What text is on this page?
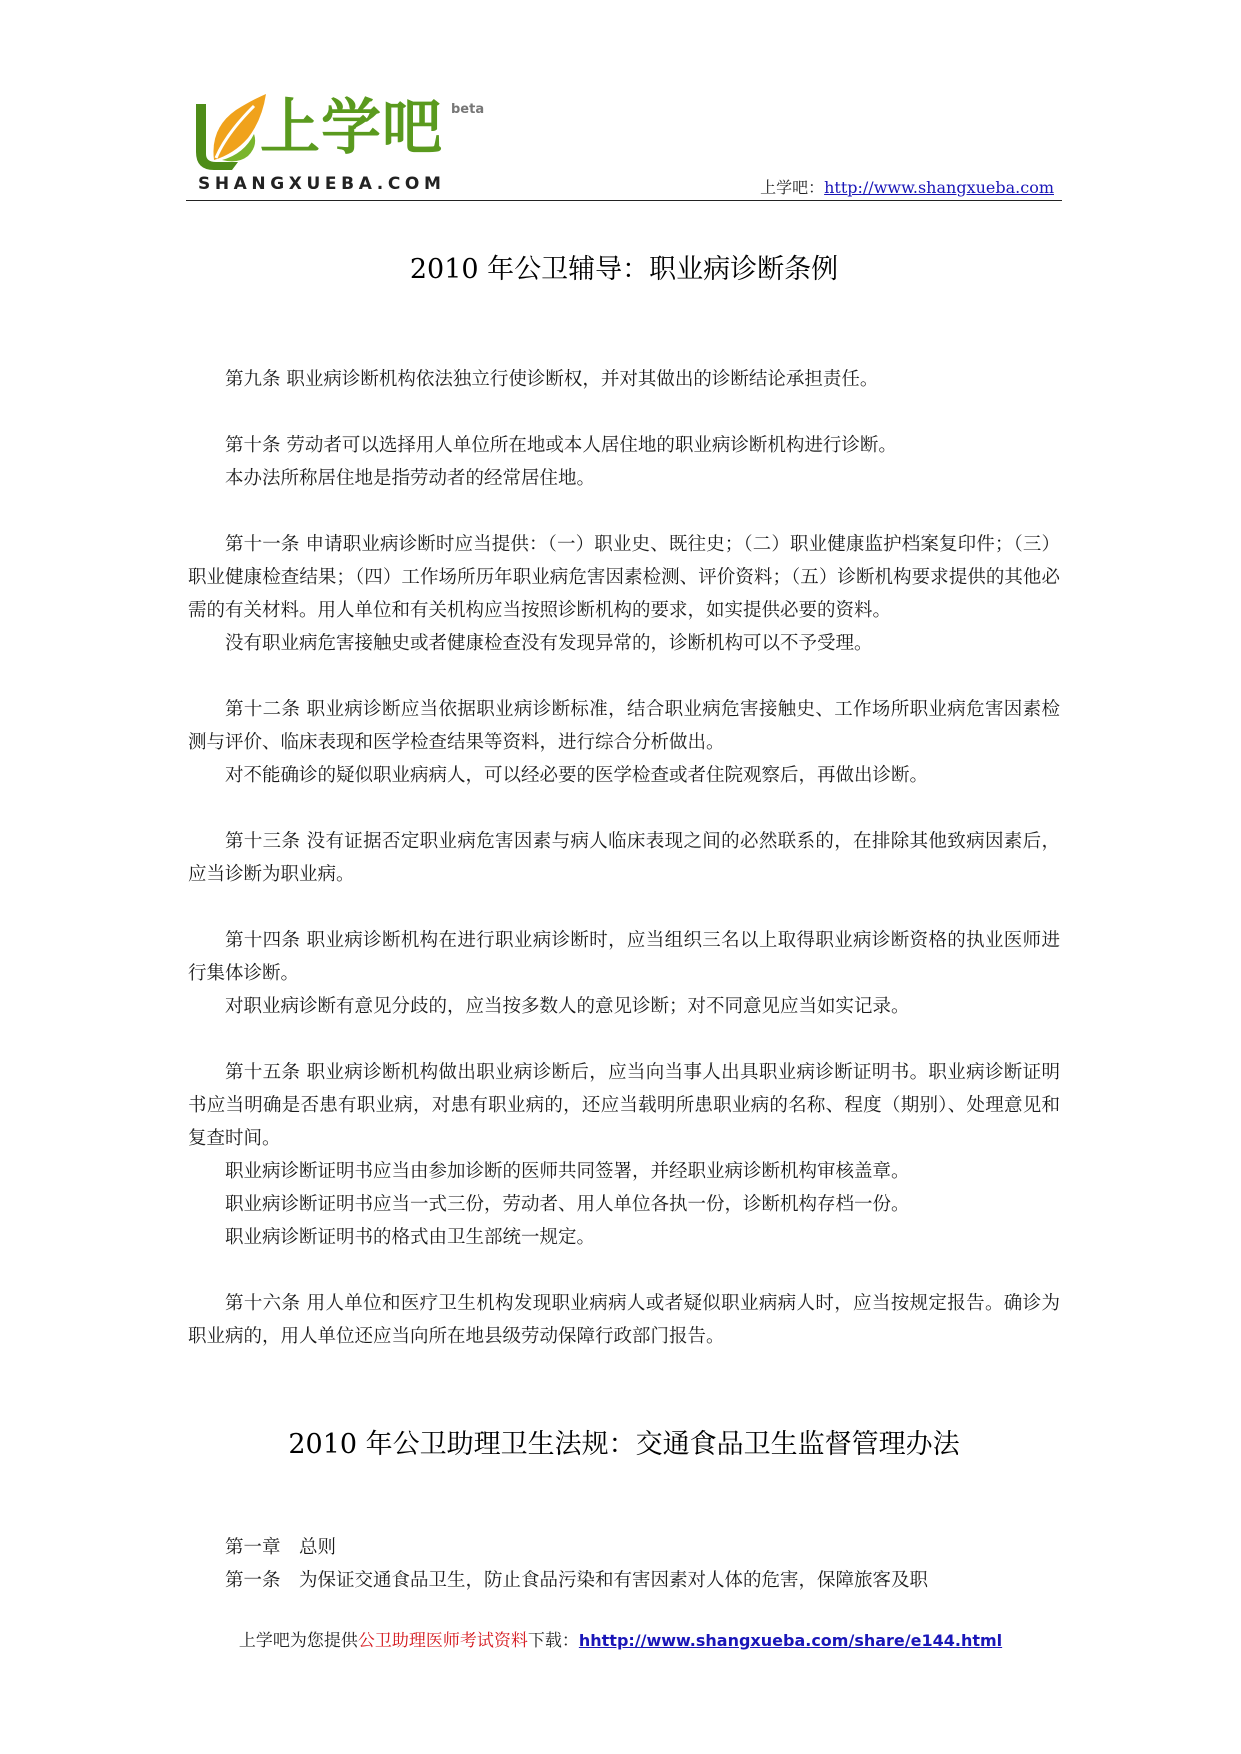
上学吧 beta
SHANGXUEBA.COM	上学吧：http://www.shangxueba.com
2010 年公卫辅导：职业病诊断条例

第九条 职业病诊断机构依法独立行使诊断权，并对其做出的诊断结论承担责任。

第十条 劳动者可以选择用人单位所在地或本人居住地的职业病诊断机构进行诊断。

本办法所称居住地是指劳动者的经常居住地。

第十一条 申请职业病诊断时应当提供：（一）职业史、既往史；（二）职业健康监护档案复印件；（三）职业健康检查结果；（四）工作场所历年职业病危害因素检测、评价资料；（五）诊断机构要求提供的其他必需的有关材料。用人单位和有关机构应当按照诊断机构的要求，如实提供必要的资料。

没有职业病危害接触史或者健康检查没有发现异常的，诊断机构可以不予受理。

第十二条 职业病诊断应当依据职业病诊断标准，结合职业病危害接触史、工作场所职业病危害因素检测与评价、临床表现和医学检查结果等资料，进行综合分析做出。

对不能确诊的疑似职业病病人，可以经必要的医学检查或者住院观察后，再做出诊断。

第十三条 没有证据否定职业病危害因素与病人临床表现之间的必然联系的，在排除其他致病因素后，应当诊断为职业病。

第十四条 职业病诊断机构在进行职业病诊断时，应当组织三名以上取得职业病诊断资格的执业医师进行集体诊断。

对职业病诊断有意见分歧的，应当按多数人的意见诊断；对不同意见应当如实记录。

第十五条 职业病诊断机构做出职业病诊断后，应当向当事人出具职业病诊断证明书。职业病诊断证明书应当明确是否患有职业病，对患有职业病的，还应当载明所患职业病的名称、程度（期别）、处理意见和复查时间。

职业病诊断证明书应当由参加诊断的医师共同签署，并经职业病诊断机构审核盖章。

职业病诊断证明书应当一式三份，劳动者、用人单位各执一份，诊断机构存档一份。

职业病诊断证明书的格式由卫生部统一规定。

第十六条 用人单位和医疗卫生机构发现职业病病人或者疑似职业病病人时，应当按规定报告。确诊为职业病的，用人单位还应当向所在地县级劳动保障行政部门报告。

2010 年公卫助理卫生法规：交通食品卫生监督管理办法

第一章　总则

第一条　为保证交通食品卫生，防止食品污染和有害因素对人体的危害，保障旅客及职

上学吧为您提供公卫助理医师考试资料下载：hhttp://www.shangxueba.com/share/e144.html
